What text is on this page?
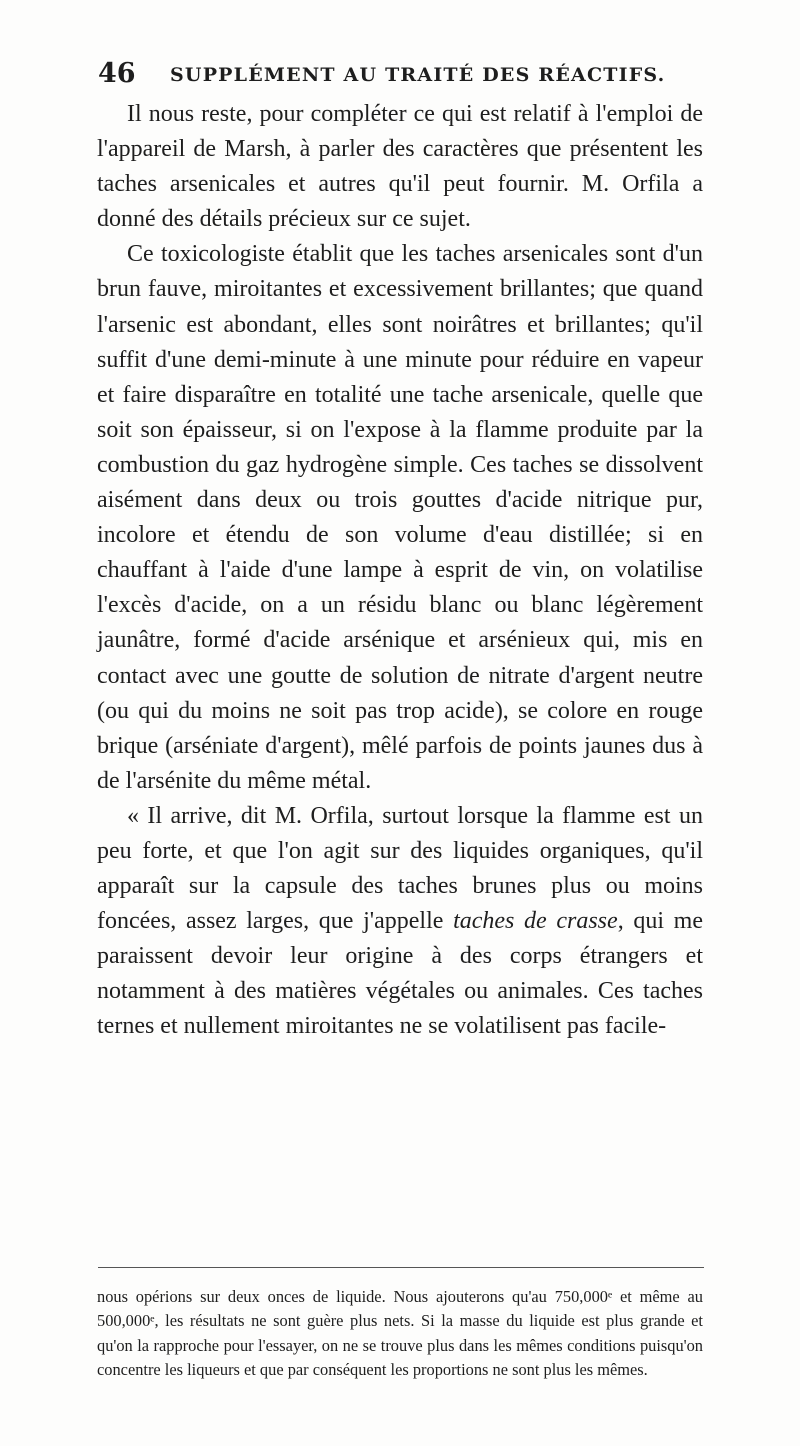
46 SUPPLÉMENT AU TRAITÉ DES RÉACTIFS.

Il nous reste, pour compléter ce qui est relatif à l'emploi de l'appareil de Marsh, à parler des caractères que présentent les taches arsenicales et autres qu'il peut fournir. M. Orfila a donné des détails précieux sur ce sujet.

Ce toxicologiste établit que les taches arsenicales sont d'un brun fauve, miroitantes et excessivement brillantes; que quand l'arsenic est abondant, elles sont noirâtres et brillantes; qu'il suffit d'une demi-minute à une minute pour réduire en vapeur et faire disparaître en totalité une tache arsenicale, quelle que soit son épaisseur, si on l'expose à la flamme produite par la combustion du gaz hydrogène simple. Ces taches se dissolvent aisément dans deux ou trois gouttes d'acide nitrique pur, incolore et étendu de son volume d'eau distillée; si en chauffant à l'aide d'une lampe à esprit de vin, on volatilise l'excès d'acide, on a un résidu blanc ou blanc légèrement jaunâtre, formé d'acide arsénique et arsénieux qui, mis en contact avec une goutte de solution de nitrate d'argent neutre (ou qui du moins ne soit pas trop acide), se colore en rouge brique (arséniate d'argent), mêlé parfois de points jaunes dus à de l'arsénite du même métal.

« Il arrive, dit M. Orfila, surtout lorsque la flamme est un peu forte, et que l'on agit sur des liquides organiques, qu'il apparaît sur la capsule des taches brunes plus ou moins foncées, assez larges, que j'appelle taches de crasse, qui me paraissent devoir leur origine à des corps étrangers et notamment à des matières végétales ou animales. Ces taches ternes et nullement miroitantes ne se volatilisent pas facile-

nous opérions sur deux onces de liquide. Nous ajouterons qu'au 750,000ᵉ et même au 500,000ᵉ, les résultats ne sont guère plus nets. Si la masse du liquide est plus grande et qu'on la rapproche pour l'essayer, on ne se trouve plus dans les mêmes conditions puisqu'on concentre les liqueurs et que par conséquent les proportions ne sont plus les mêmes.
